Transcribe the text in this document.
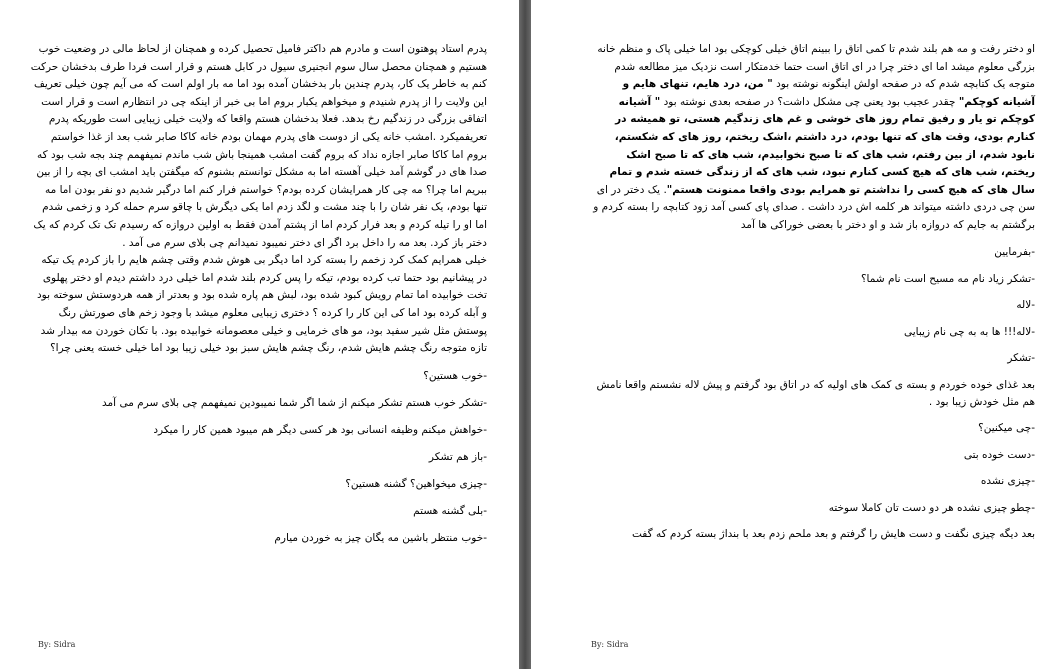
پدرم استاد پوهتون است و مادرم هم داکتر فامیل تحصیل کرده و همچنان از لحاظ مالی در وضعیت خوب هستیم و همچنان محصل سال سوم انجنیری سیول در کابل هستم و قرار است فردا طرف بدخشان حرکت کنم به خاطر یک کار، پدرم چندین بار بدخشان آمده بود اما مه بار اولم است که می آیم چون خیلی تعریف این ولایت را از پدرم شنیدم و میخواهم یکبار بروم اما بی خبر از اینکه چی در انتظارم است و قرار است اتفاقی بزرگی در زندگیم رخ بدهد. فعلا بدخشان هستم واقعا که ولایت خیلی زیبایی است طوریکه پدرم تعریفمیکرد .امشب خانه یکی از دوست های پدرم مهمان بودم خانه کاکا صابر شب بعد از غذا خواستم بروم اما کاکا صابر اجازه نداد که بروم گفت امشب همینجا باش شب ماندم نمیفهمم چند بجه شب بود که صدا های در گوشم آمد خیلی آهسته اما به مشکل توانستم بشنوم که میگفتن باید امشب ای بچه را از بین ببریم اما چرا؟ مه چی کار همرایشان کرده بودم؟ خواستم فرار کنم اما درگیر شدیم دو نفر بودن اما مه تنها بودم، یک نفر شان را با چند مشت و لگد زدم اما یکی دیگرش با چاقو سرم حمله کرد و زخمی شدم اما او را تیله کردم و بعد فرار کردم اما از پشتم آمدن فقط به اولین دروازه که رسیدم تک تک کردم که یک دختر باز کرد. بعد مه را داخل برد اگر ای دختر نمیبود نمیدانم چی بلای سرم می آمد .

خیلی همرایم کمک کرد زخمم را بسته کرد اما دیگر بی هوش شدم وقتی چشم هایم را باز کردم یک تیکه در پیشانیم بود حتما تب کرده بودم، تیکه را پس کردم بلند شدم اما خیلی درد داشتم دیدم او دختر پهلوی تخت خوابیده اما تمام رویش کبود شده بود، لبش هم پاره شده بود و بعدتر از همه هردوستش سوخته بود و آبله کرده بود اما کی این کار را کرده ؟ دختری زیبایی معلوم میشد با وجود زخم های صورتش رنگ پوستش مثل شیر سفید بود، مو های خرمایی و خیلی معصومانه خوابیده بود. با تکان خوردن مه بیدار شد تازه متوجه رنگ چشم هایش شدم، رنگ چشم هایش سبز بود خیلی زیبا بود اما خیلی خسته یعنی چرا؟

-خوب هستین؟

-تشکر خوب هستم تشکر میکنم از شما اگر شما نمیبودین نمیفهمم چی بلای سرم می آمد

-خواهش میکنم وظیفه انسانی بود هر کسی دیگر هم میبود همین کار را میکرد

-باز هم تشکر

-چیزی میخواهین؟ گشنه هستین؟

-بلی گشنه هستم

-خوب منتظر باشین مه یگان چیز به خوردن میارم

By: Sidra

او دختر رفت و مه هم بلند شدم تا کمی اتاق را ببینم اتاق خیلی کوچکی بود اما خیلی پاک و منظم خانه بزرگی معلوم میشد اما ای دختر چرا در ای اتاق است حتما خدمتکار است نزدیک میز مطالعه شدم متوجه یک کتابچه شدم که در صفحه اولش اینگونه نوشته بود " من، درد هایم، تنهای هایم و آشیانه کوچکم" چقدر عجیب بود یعنی چی مشکل داشت؟ در صفحه بعدی نوشته بود " آشیانه کوچکم تو یار و رفیق تمام روز های خوشی و غم های زندگیم هستی، تو همیشه در کنارم بودی، وقت های که تنها بودم، درد داشتم ،اشک ریختم، روز های که شکستم، نابود شدم، از بین رفتم، شب های که تا صبح نخوابیدم، شب های که تا صبح اشک ریختم، شب های که هیچ کسی کنارم نبود، شب های که از زندگی خسته شدم و تمام سال های که هیچ کسی را نداشتم تو همرایم بودی واقعا ممنونت هستم". یک دختر در ای سن چی دردی داشته میتواند هر کلمه اش درد داشت . صدای پای کسی آمد زود کتابچه را بسته کردم و برگشتم به جایم که دروازه باز شد و او دختر با بعضی خوراکی ها آمد

-بفرمایین

-تشکر زیاد نام مه مسیح است نام شما؟

-لاله

-لاله!!! ها به به چی نام زیبایی

-تشکر

بعد غذای خوده خوردم و بسته ی کمک های اولیه که در اتاق بود گرفتم و پیش لاله نشستم واقعا نامش هم مثل خودش زیبا بود .

-چی میکنین؟

-دست خوده بتی

-چیزی نشده

-چطو چیزی نشده هر دو دست تان کاملا سوخته

بعد دیگه چیزی نگفت و دست هایش را گرفتم و بعد ملحم زدم بعد با بنداژ بسته کردم که گفت

By: Sidra
